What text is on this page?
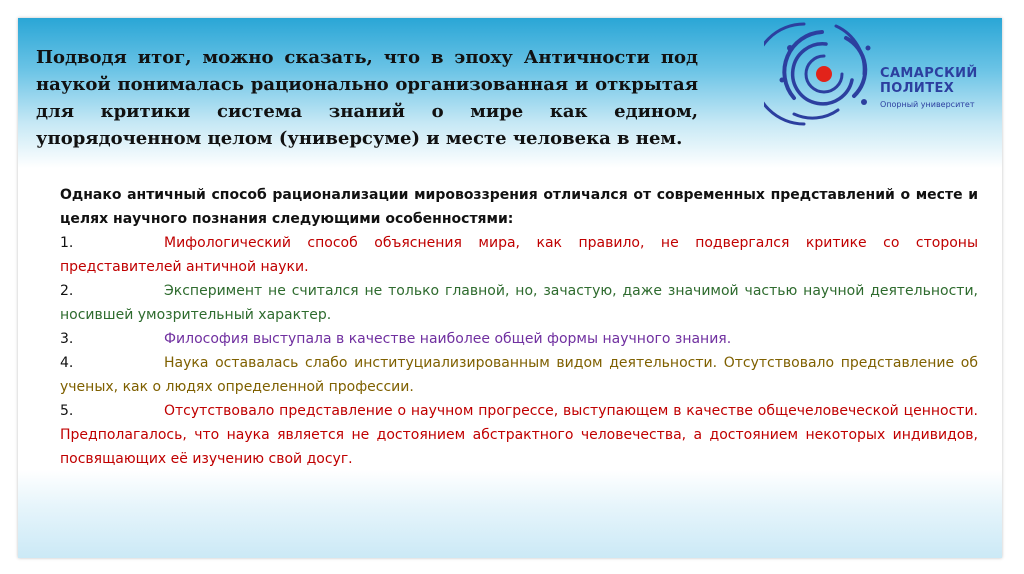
Подводя итог, можно сказать, что в эпоху Античности под наукой понималась рационально организованная и открытая для критики система знаний о мире как едином, упорядоченном целом (универсуме) и месте человека в нем.

САМАРСКИЙ
ПОЛИТЕХ
Опорный университет

Однако античный способ рационализации мировоззрения отличался от современных представлений о месте и целях научного познания следующими особенностями:

1.	Мифологический способ объяснения мира, как правило, не подвергался критике со стороны представителей античной науки.

2.	Эксперимент не считался не только главной, но, зачастую, даже значимой частью научной деятельности, носившей умозрительный характер.

3.	Философия выступала в качестве наиболее общей формы научного знания.

4.	Наука оставалась слабо институциализированным видом деятельности. Отсутствовало представление об ученых, как о людях определенной профессии.

5.	Отсутствовало представление о научном прогрессе, выступающем в качестве общечеловеческой ценности. Предполагалось, что наука является не достоянием абстрактного человечества, а достоянием некоторых индивидов, посвящающих её изучению свой досуг.
